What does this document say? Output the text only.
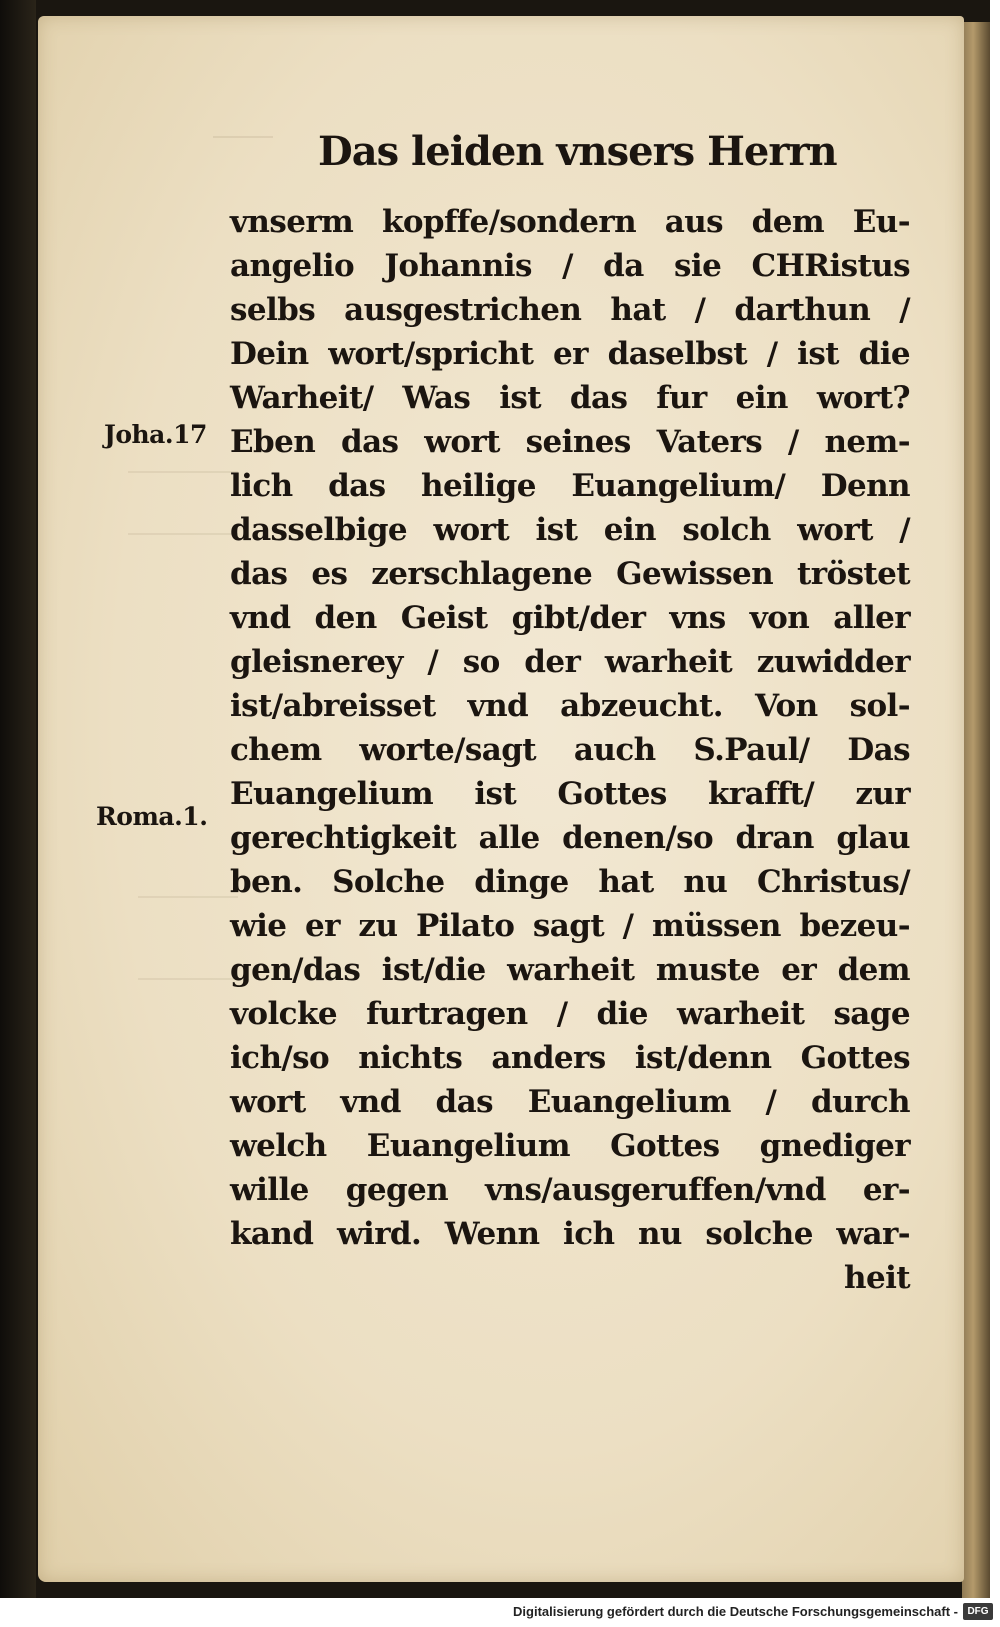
Das leiden vnsers Herrn
Joha.17
Roma.1.
vnserm kopffe/sondern aus dem Eu-
angelio Johannis / da sie CHRistus
selbs ausgestrichen hat / darthun /
Dein wort/spricht er daselbst / ist die
Warheit/ Was ist das fur ein wort?
Eben das wort seines Vaters / nem-
lich das heilige Euangelium/ Denn
dasselbige wort ist ein solch wort /
das es zerschlagene Gewissen tröstet
vnd den Geist gibt/der vns von aller
gleisnerey / so der warheit zuwidder
ist/abreisset vnd abzeucht. Von sol-
chem worte/sagt auch S.Paul/ Das
Euangelium ist Gottes krafft/ zur
gerechtigkeit alle denen/so dran glau
ben. Solche dinge hat nu Christus/
wie er zu Pilato sagt / müssen bezeu-
gen/das ist/die warheit muste er dem
volcke furtragen / die warheit sage
ich/so nichts anders ist/denn Gottes
wort vnd das Euangelium / durch
welch Euangelium Gottes gnediger
wille gegen vns/ausgeruffen/vnd er-
kand wird. Wenn ich nu solche war-
heit
Digitalisierung gefördert durch die Deutsche Forschungsgemeinschaft - DFG
